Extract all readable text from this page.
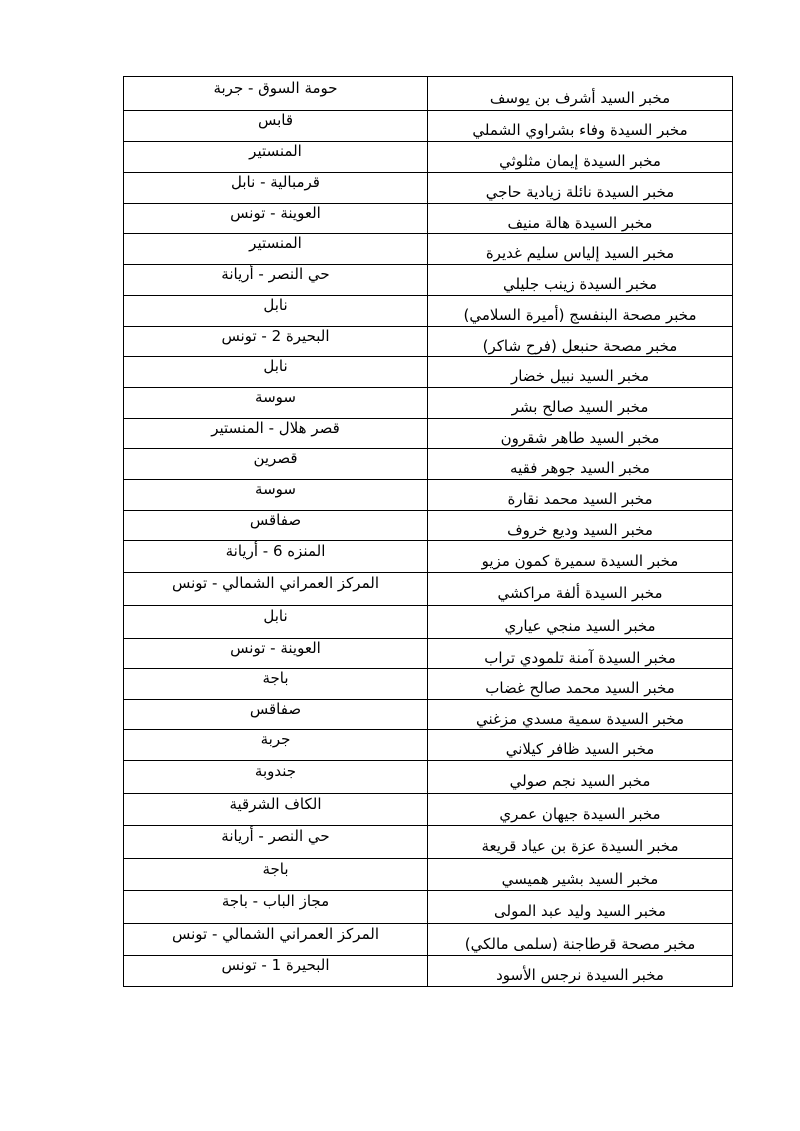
مخبر السيد أشرف بن يوسف	حومة السوق - جربة
مخبر السيدة وفاء بشراوي الشملي	قابس
مخبر السيدة إيمان مثلوثي	المنستير
مخبر السيدة نائلة زيادية حاجي	قرمبالية - نابل
مخبر السيدة هالة منيف	العوينة - تونس
مخبر السيد إلياس سليم غديرة	المنستير
مخبر السيدة زينب جليلي	حي النصر - أريانة
مخبر مصحة البنفسج (أميرة السلامي)	نابل
مخبر مصحة حنبعل (فرح شاكر)	البحيرة 2 - تونس
مخبر السيد نبيل خضار	نابل
مخبر السيد صالح بشر	سوسة
مخبر السيد طاهر شقرون	قصر هلال - المنستير
مخبر السيد جوهر فقيه	قصرين
مخبر السيد محمد نقارة	سوسة
مخبر السيد وديع خروف	صفاقس
مخبر السيدة سميرة كمون مزيو	المنزه 6 - أريانة
مخبر السيدة ألفة مراكشي	المركز العمراني الشمالي - تونس
مخبر السيد منجي عياري	نابل
مخبر السيدة آمنة تلمودي تراب	العوينة - تونس
مخبر السيد محمد صالح غضاب	باجة
مخبر السيدة سمية مسدي مزغني	صفاقس
مخبر السيد ظافر كيلاني	جربة
مخبر السيد نجم صولي	جندوبة
مخبر السيدة جيهان عمري	الكاف الشرقية
مخبر السيدة عزة بن عياد قريعة	حي النصر - أريانة
مخبر السيد بشير هميسي	باجة
مخبر السيد وليد عبد المولى	مجاز الباب - باجة
مخبر مصحة قرطاجنة (سلمى مالكي)	المركز العمراني الشمالي - تونس
مخبر السيدة نرجس الأسود	البحيرة 1 - تونس
